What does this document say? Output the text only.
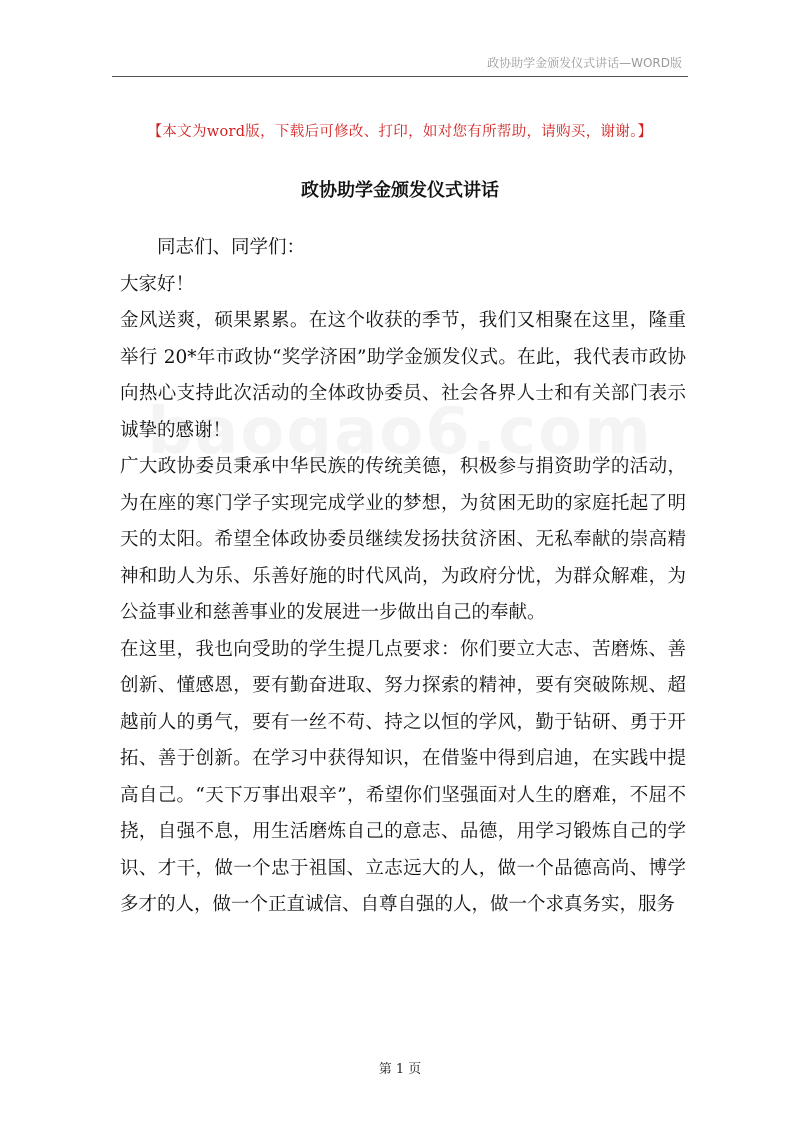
政协助学金颁发仪式讲话—WORD版
【本文为word版，下载后可修改、打印，如对您有所帮助，请购买，谢谢。】
政协助学金颁发仪式讲话

同志们、同学们：

大家好！

金风送爽，硕果累累。在这个收获的季节，我们又相聚在这里，隆重举行 20*年市政协“奖学济困”助学金颁发仪式。在此，我代表市政协向热心支持此次活动的全体政协委员、社会各界人士和有关部门表示诚挚的感谢！

广大政协委员秉承中华民族的传统美德，积极参与捐资助学的活动，为在座的寒门学子实现完成学业的梦想，为贫困无助的家庭托起了明天的太阳。希望全体政协委员继续发扬扶贫济困、无私奉献的崇高精神和助人为乐、乐善好施的时代风尚，为政府分忧，为群众解难，为公益事业和慈善事业的发展进一步做出自己的奉献。

在这里，我也向受助的学生提几点要求：你们要立大志、苦磨炼、善创新、懂感恩，要有勤奋进取、努力探索的精神，要有突破陈规、超越前人的勇气，要有一丝不苟、持之以恒的学风，勤于钻研、勇于开拓、善于创新。在学习中获得知识，在借鉴中得到启迪，在实践中提高自己。“天下万事出艰辛”，希望你们坚强面对人生的磨难，不屈不挠，自强不息，用生活磨炼自己的意志、品德，用学习锻炼自己的学识、才干，做一个忠于祖国、立志远大的人，做一个品德高尚、博学多才的人，做一个正直诚信、自尊自强的人，做一个求真务实，服务

第 1 页
